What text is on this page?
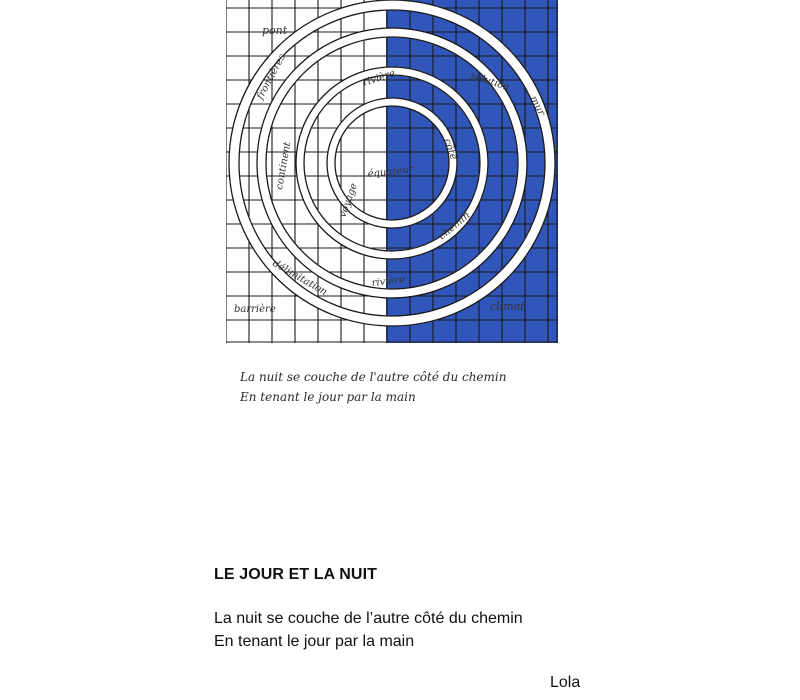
pont
frontières
continent
rivière
équateur
voyage
délimitation
barrière
solution
mur
côté
chemin
rivière
climat
La nuit se couche de l'autre côté du chemin
En tenant le jour par la main
LE JOUR ET LA NUIT
La nuit se couche de l’autre côté du chemin
En tenant le jour par la main
Lola
